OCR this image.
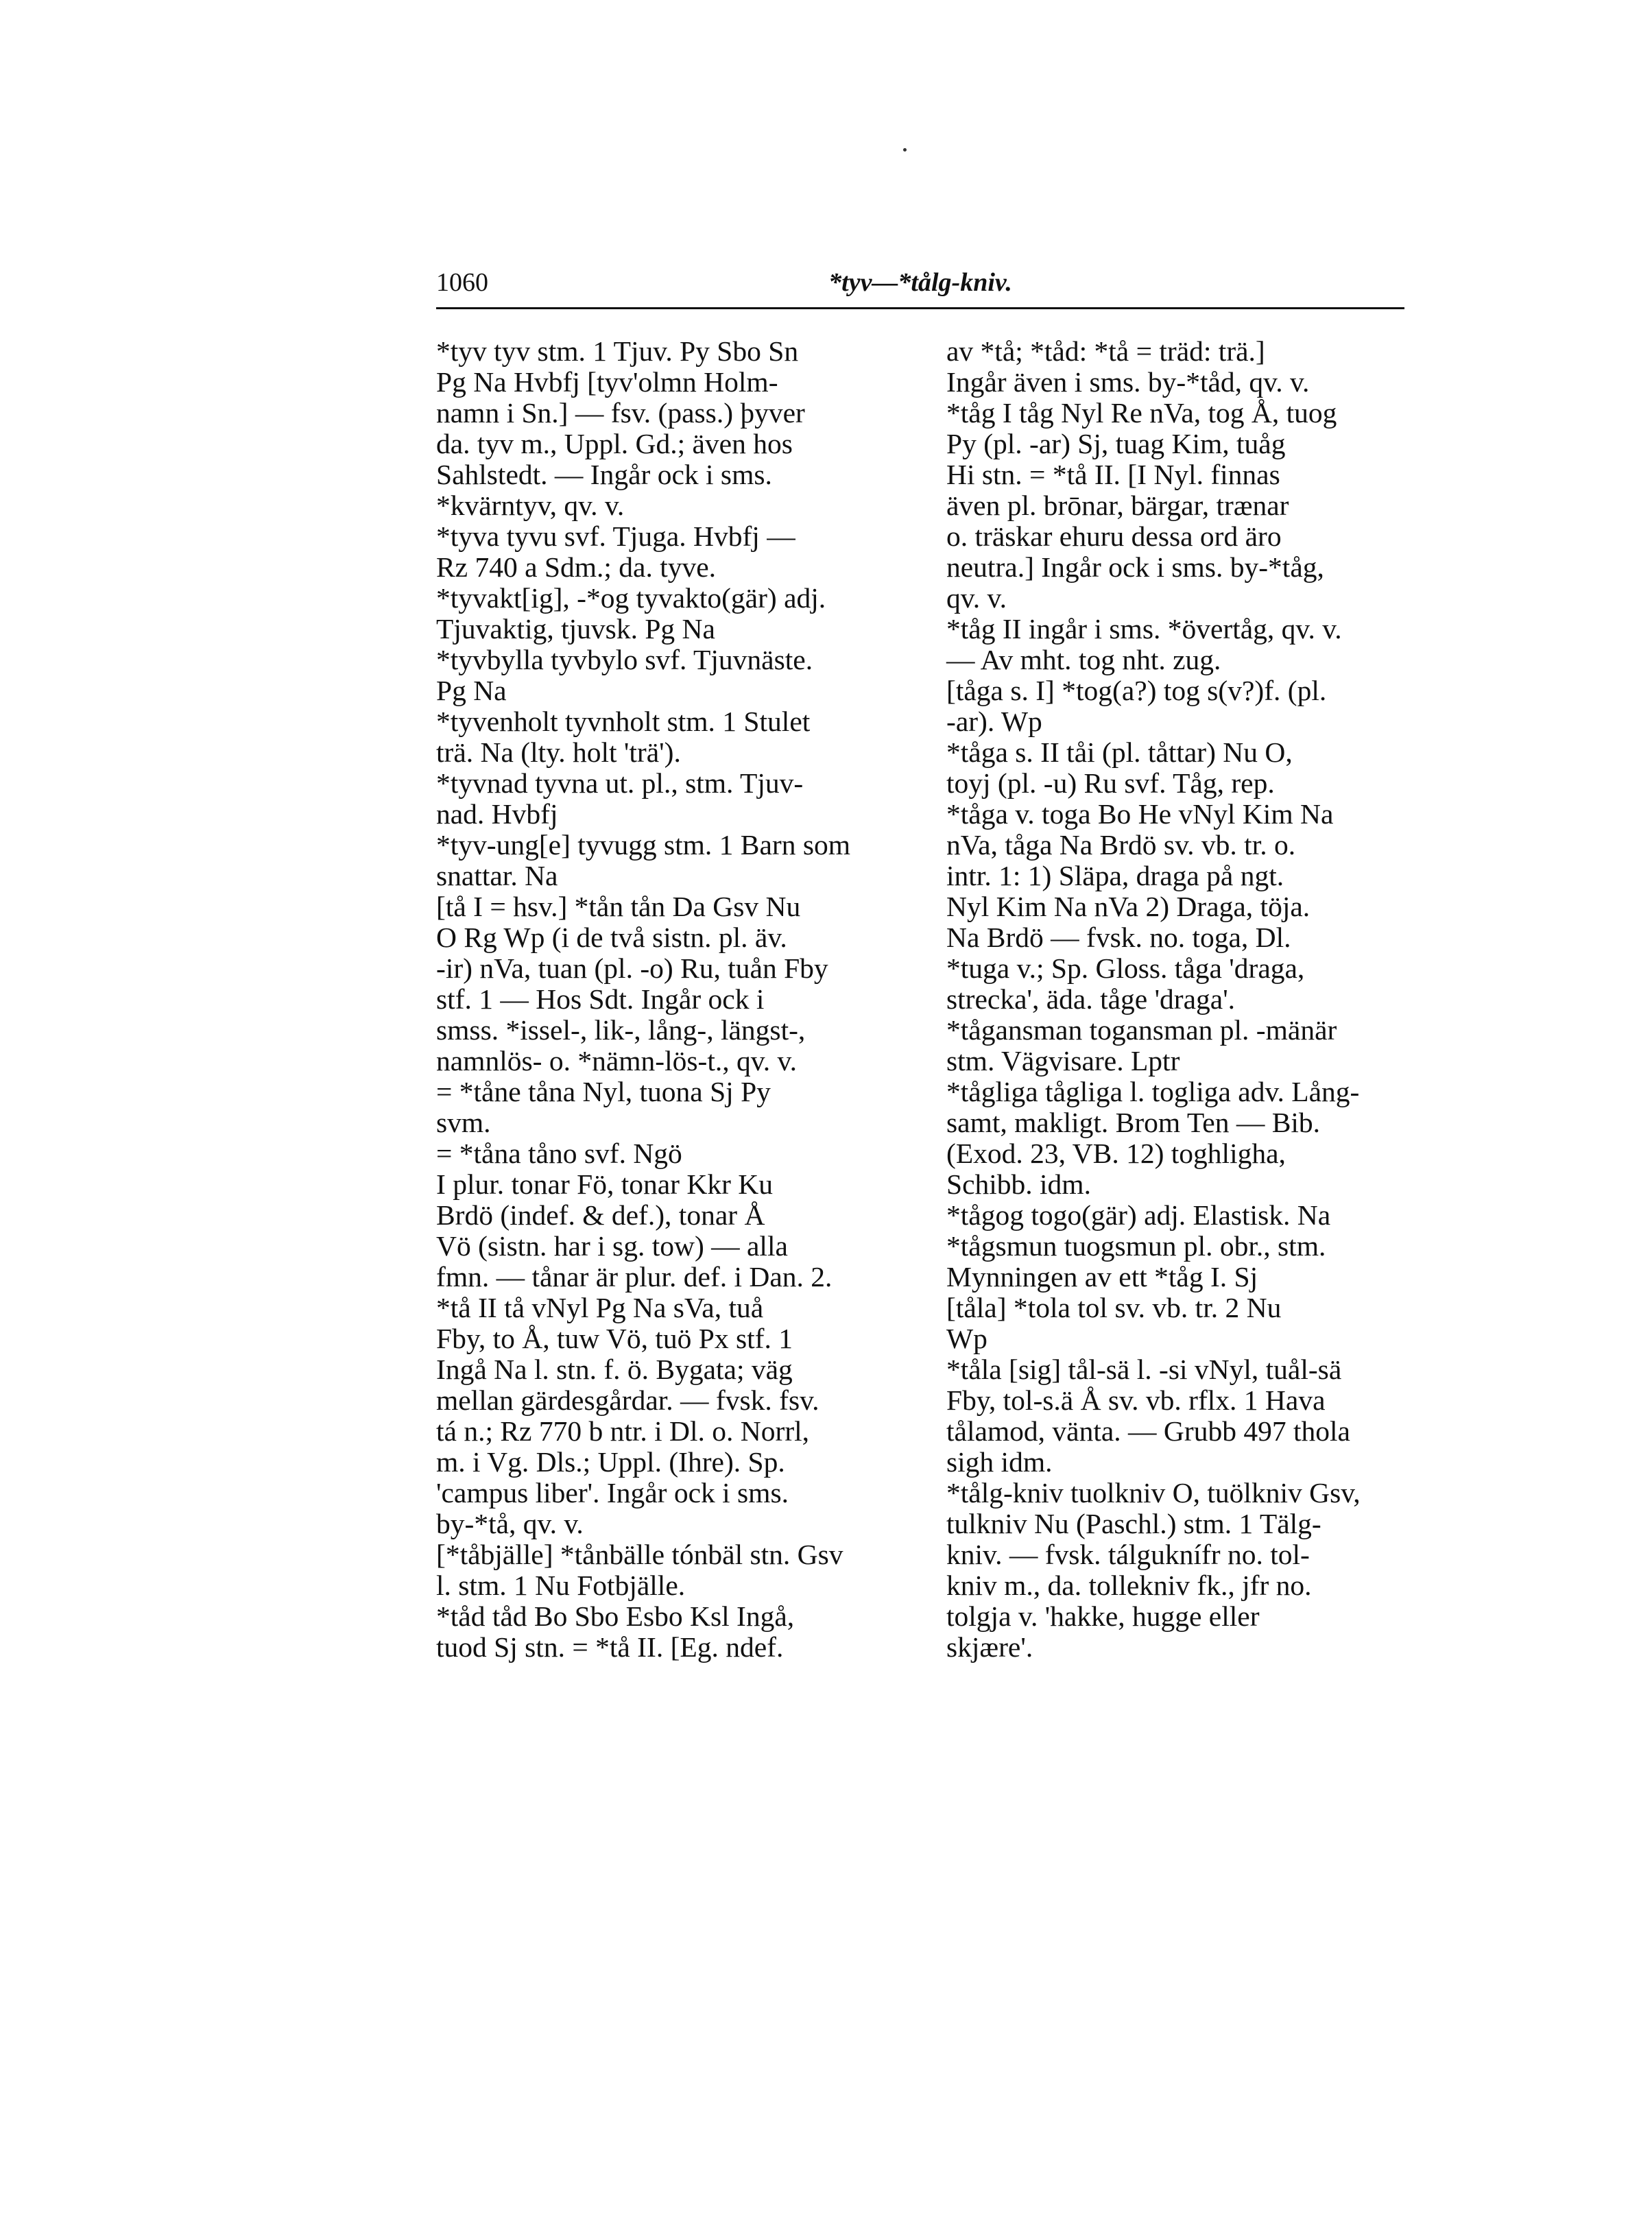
1060	*tyv—*tålg-kniv.
*tyv tyv stm. 1 Tjuv. Py Sbo Sn
Pg Na Hvbfj [tyv'olmn Holm-
namn i Sn.] — fsv. (pass.) þyver
da. tyv m., Uppl. Gd.; även hos
Sahlstedt. — Ingår ock i sms.
*kvärntyv, qv. v.
*tyva tyvu svf. Tjuga. Hvbfj —
Rz 740 a Sdm.; da. tyve.
*tyvakt[ig], -*og tyvakto(gär) adj.
Tjuvaktig, tjuvsk. Pg Na
*tyvbylla tyvbylo svf. Tjuvnäste.
Pg Na
*tyvenholt tyvnholt stm. 1 Stulet
trä. Na (lty. holt 'trä').
*tyvnad tyvna ut. pl., stm. Tjuv-
nad. Hvbfj
*tyv-ung[e] tyvugg stm. 1 Barn som
snattar. Na
[tå I = hsv.] *tån tån Da Gsv Nu
O Rg Wp (i de två sistn. pl. äv.
-ir) nVa, tuan (pl. -o) Ru, tuån Fby
stf. 1 — Hos Sdt. Ingår ock i
smss. *issel-, lik-, lång-, längst-,
namnlös- o. *nämn-lös-t., qv. v.
= *tåne tåna Nyl, tuona Sj Py
svm.
= *tåna tåno svf. Ngö
I plur. tonar Fö, tonar Kkr Ku
Brdö (indef. & def.), tonar Å
Vö (sistn. har i sg. tow) — alla
fmn. — tånar är plur. def. i Dan. 2.
*tå II tå vNyl Pg Na sVa, tuå
Fby, to Å, tuw Vö, tuö Px stf. 1
Ingå Na l. stn. f. ö. Bygata; väg
mellan gärdesgårdar. — fvsk. fsv.
tá n.; Rz 770 b ntr. i Dl. o. Norrl,
m. i Vg. Dls.; Uppl. (Ihre). Sp.
'campus liber'. Ingår ock i sms.
by-*tå, qv. v.
[*tåbjälle] *tånbälle tónbäl stn. Gsv
l. stm. 1 Nu Fotbjälle.
*tåd tåd Bo Sbo Esbo Ksl Ingå,
tuod Sj stn. = *tå II. [Eg. ndef.
av *tå; *tåd: *tå = träd: trä.]
Ingår även i sms. by-*tåd, qv. v.
*tåg I tåg Nyl Re nVa, tog Å, tuog
Py (pl. -ar) Sj, tuag Kim, tuåg
Hi stn. = *tå II. [I Nyl. finnas
även pl. brōnar, bärgar, trænar
o. träskar ehuru dessa ord äro
neutra.] Ingår ock i sms. by-*tåg,
qv. v.
*tåg II ingår i sms. *övertåg, qv. v.
— Av mht. tog nht. zug.
[tåga s. I] *tog(a?) tog s(v?)f. (pl.
-ar). Wp
*tåga s. II tåi (pl. tåttar) Nu O,
toyj (pl. -u) Ru svf. Tåg, rep.
*tåga v. toga Bo He vNyl Kim Na
nVa, tåga Na Brdö sv. vb. tr. o.
intr. 1: 1) Släpa, draga på ngt.
Nyl Kim Na nVa 2) Draga, töja.
Na Brdö — fvsk. no. toga, Dl.
*tuga v.; Sp. Gloss. tåga 'draga,
strecka', äda. tåge 'draga'.
*tågansman togansman pl. -mänär
stm. Vägvisare. Lptr
*tågliga tågliga l. togliga adv. Lång-
samt, makligt. Brom Ten — Bib.
(Exod. 23, VB. 12) toghligha,
Schibb. idm.
*tågog togo(gär) adj. Elastisk. Na
*tågsmun tuogsmun pl. obr., stm.
Mynningen av ett *tåg I. Sj
[tåla] *tola tol sv. vb. tr. 2 Nu
Wp
*tåla [sig] tål-sä l. -si vNyl, tuål-sä
Fby, tol-s.ä Å sv. vb. rflx. 1 Hava
tålamod, vänta. — Grubb 497 thola
sigh idm.
*tålg-kniv tuolkniv O, tuölkniv Gsv,
tulkniv Nu (Paschl.) stm. 1 Tälg-
kniv. — fvsk. tálguknífr no. tol-
kniv m., da. tollekniv fk., jfr no.
tolgja v. 'hakke, hugge eller
skjære'.
